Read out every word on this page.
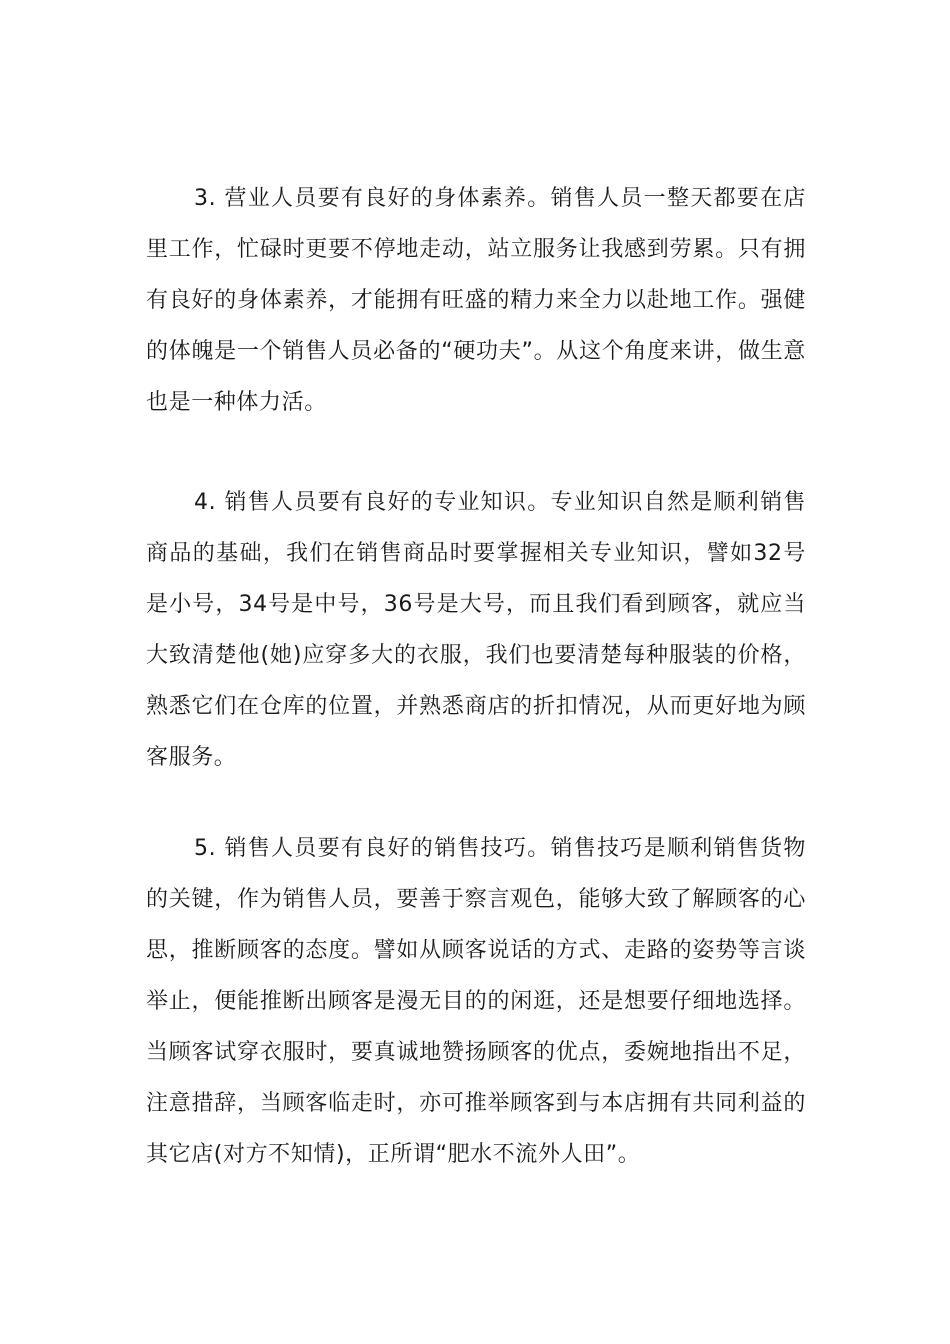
3. 营业人员要有良好的身体素养。销售人员一整天都要在店里工作，忙碌时更要不停地走动，站立服务让我感到劳累。只有拥有良好的身体素养，才能拥有旺盛的精力来全力以赴地工作。强健的体魄是一个销售人员必备的“硬功夫”。从这个角度来讲，做生意也是一种体力活。

4. 销售人员要有良好的专业知识。专业知识自然是顺利销售商品的基础，我们在销售商品时要掌握相关专业知识，譬如32号是小号，34号是中号，36号是大号，而且我们看到顾客，就应当大致清楚他(她)应穿多大的衣服，我们也要清楚每种服装的价格，熟悉它们在仓库的位置，并熟悉商店的折扣情况，从而更好地为顾客服务。

5. 销售人员要有良好的销售技巧。销售技巧是顺利销售货物的关键，作为销售人员，要善于察言观色，能够大致了解顾客的心思，推断顾客的态度。譬如从顾客说话的方式、走路的姿势等言谈举止，便能推断出顾客是漫无目的的闲逛，还是想要仔细地选择。当顾客试穿衣服时，要真诚地赞扬顾客的优点，委婉地指出不足，注意措辞，当顾客临走时，亦可推举顾客到与本店拥有共同利益的其它店(对方不知情)，正所谓“肥水不流外人田”。
